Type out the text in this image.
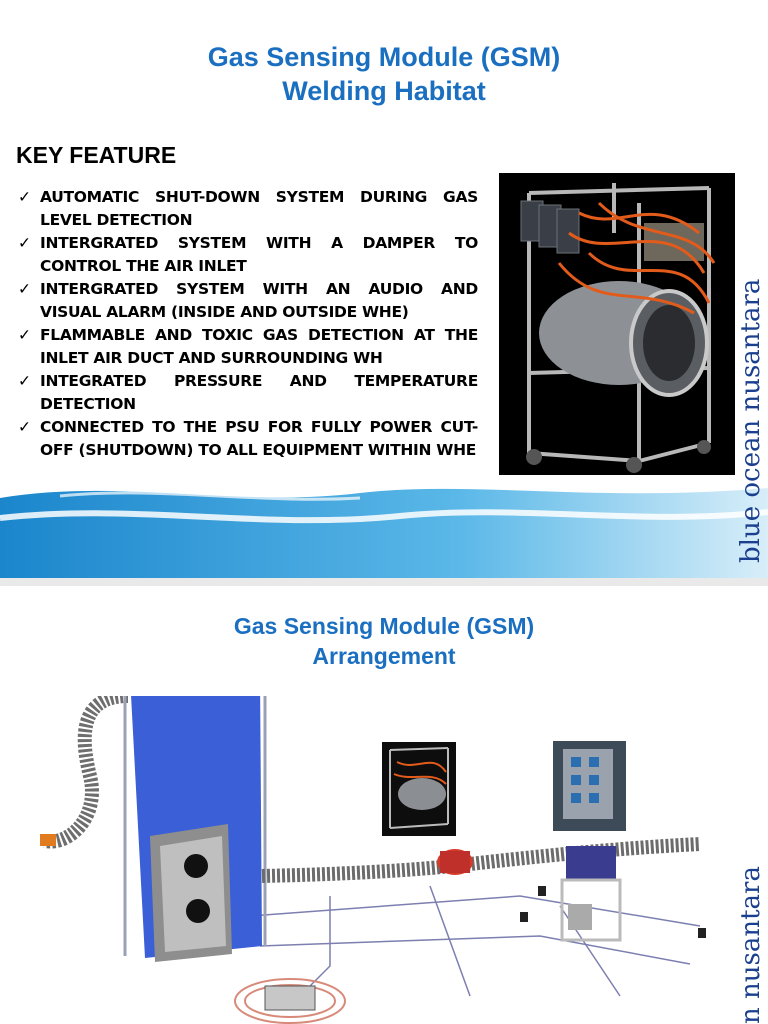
Gas Sensing Module (GSM)
Welding Habitat
KEY FEATURE
✓ AUTOMATIC SHUT-DOWN SYSTEM DURING GAS LEVEL DETECTION
✓ INTERGRATED SYSTEM WITH A DAMPER TO CONTROL THE AIR INLET
✓ INTERGRATED SYSTEM WITH AN AUDIO AND VISUAL ALARM (INSIDE AND OUTSIDE WHE)
✓ FLAMMABLE AND TOXIC GAS DETECTION AT THE INLET AIR DUCT AND SURROUNDING WH
✓ INTEGRATED PRESSURE AND TEMPERATURE DETECTION
✓ CONNECTED TO THE PSU FOR FULLY POWER CUT-OFF (SHUTDOWN) TO ALL EQUIPMENT WITHIN WHE	blue ocean nusantara
Gas Sensing Module (GSM)
Arrangement
n nusantara
